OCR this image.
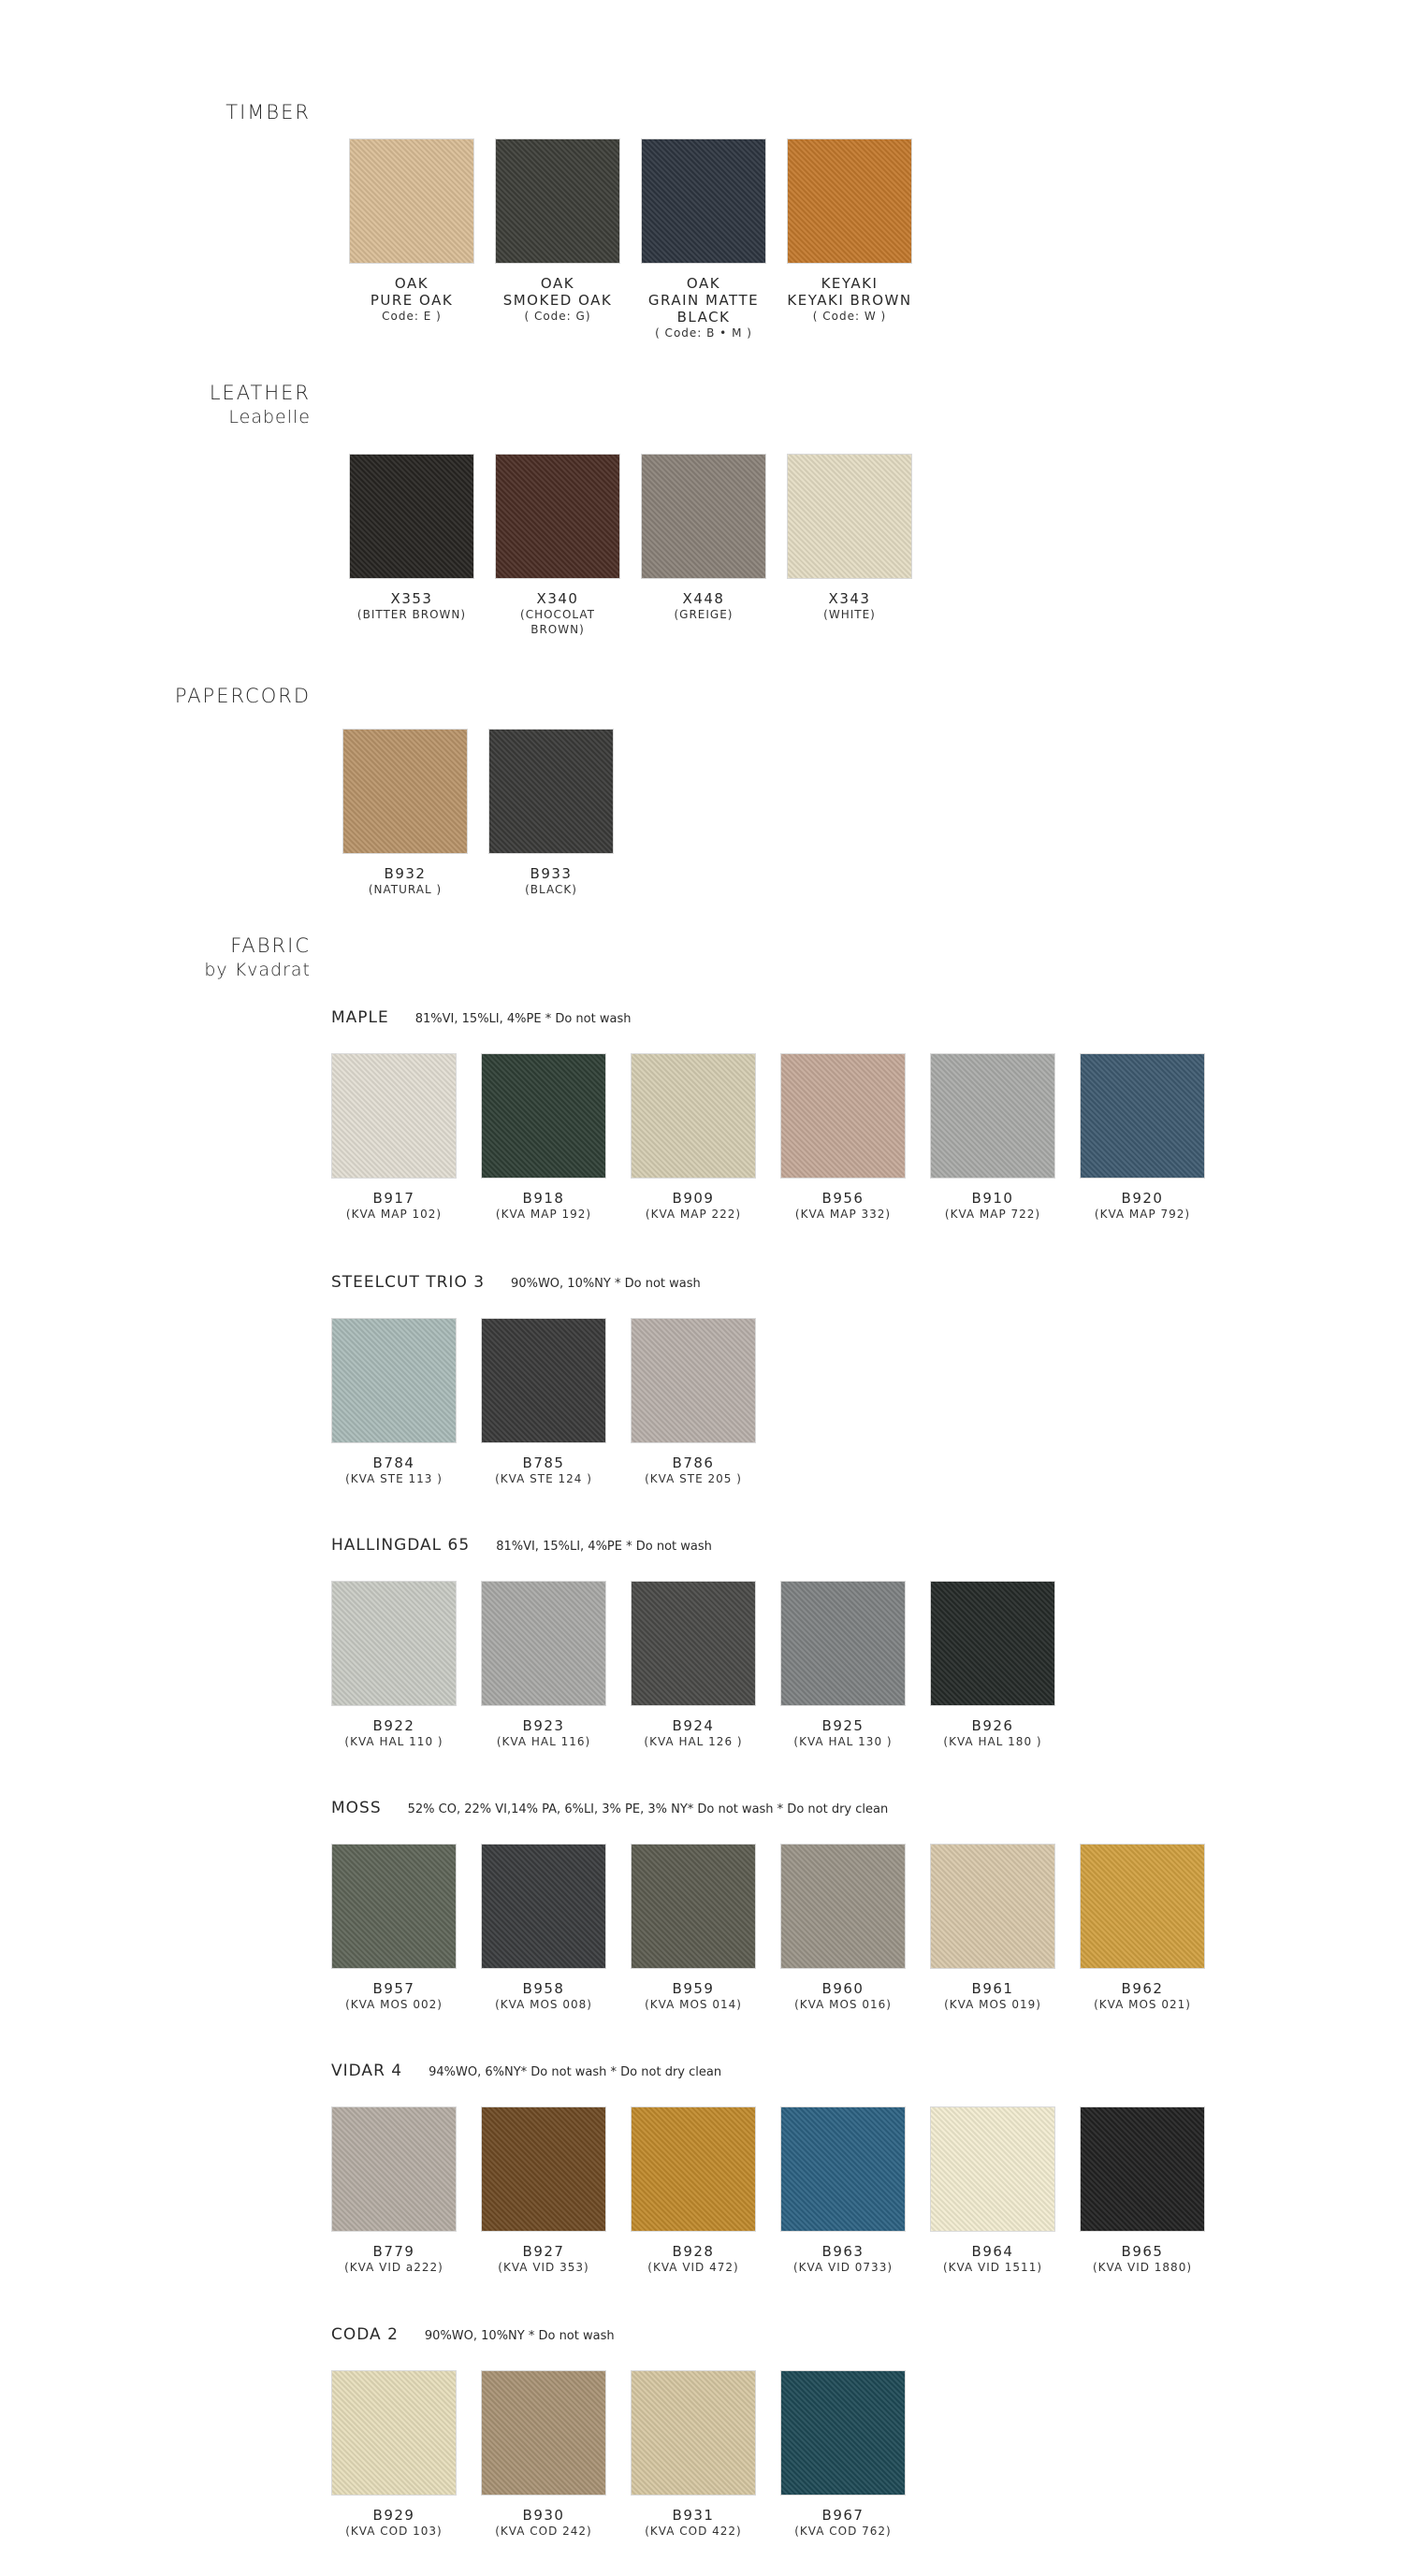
TIMBER
OAK
PURE OAK
Code: E )
OAK
SMOKED OAK
( Code: G)
OAK
GRAIN MATTE
BLACK
( Code: B • M )
KEYAKI
KEYAKI BROWN
( Code: W )
LEATHER
Leabelle
X353
(BITTER BROWN)
X340
(CHOCOLAT
BROWN)
X448
(GREIGE)
X343
(WHITE)
PAPERCORD
B932
(NATURAL )
B933
(BLACK)
FABRIC
by Kvadrat
MAPLE 81%VI, 15%LI, 4%PE * Do not wash
B917
(KVA MAP 102)
B918
(KVA MAP 192)
B909
(KVA MAP 222)
B956
(KVA MAP 332)
B910
(KVA MAP 722)
B920
(KVA MAP 792)
STEELCUT TRIO 3 90%WO, 10%NY * Do not wash
B784
(KVA STE 113 )
B785
(KVA STE 124 )
B786
(KVA STE 205 )
HALLINGDAL 65 81%VI, 15%LI, 4%PE * Do not wash
B922
(KVA HAL 110 )
B923
(KVA HAL 116)
B924
(KVA HAL 126 )
B925
(KVA HAL 130 )
B926
(KVA HAL 180 )
MOSS 52% CO, 22% VI,14% PA, 6%LI, 3% PE, 3% NY* Do not wash * Do not dry clean
B957
(KVA MOS 002)
B958
(KVA MOS 008)
B959
(KVA MOS 014)
B960
(KVA MOS 016)
B961
(KVA MOS 019)
B962
(KVA MOS 021)
VIDAR 4 94%WO, 6%NY* Do not wash * Do not dry clean
B779
(KVA VID a222)
B927
(KVA VID 353)
B928
(KVA VID 472)
B963
(KVA VID 0733)
B964
(KVA VID 1511)
B965
(KVA VID 1880)
CODA 2 90%WO, 10%NY * Do not wash
B929
(KVA COD 103)
B930
(KVA COD 242)
B931
(KVA COD 422)
B967
(KVA COD 762)
